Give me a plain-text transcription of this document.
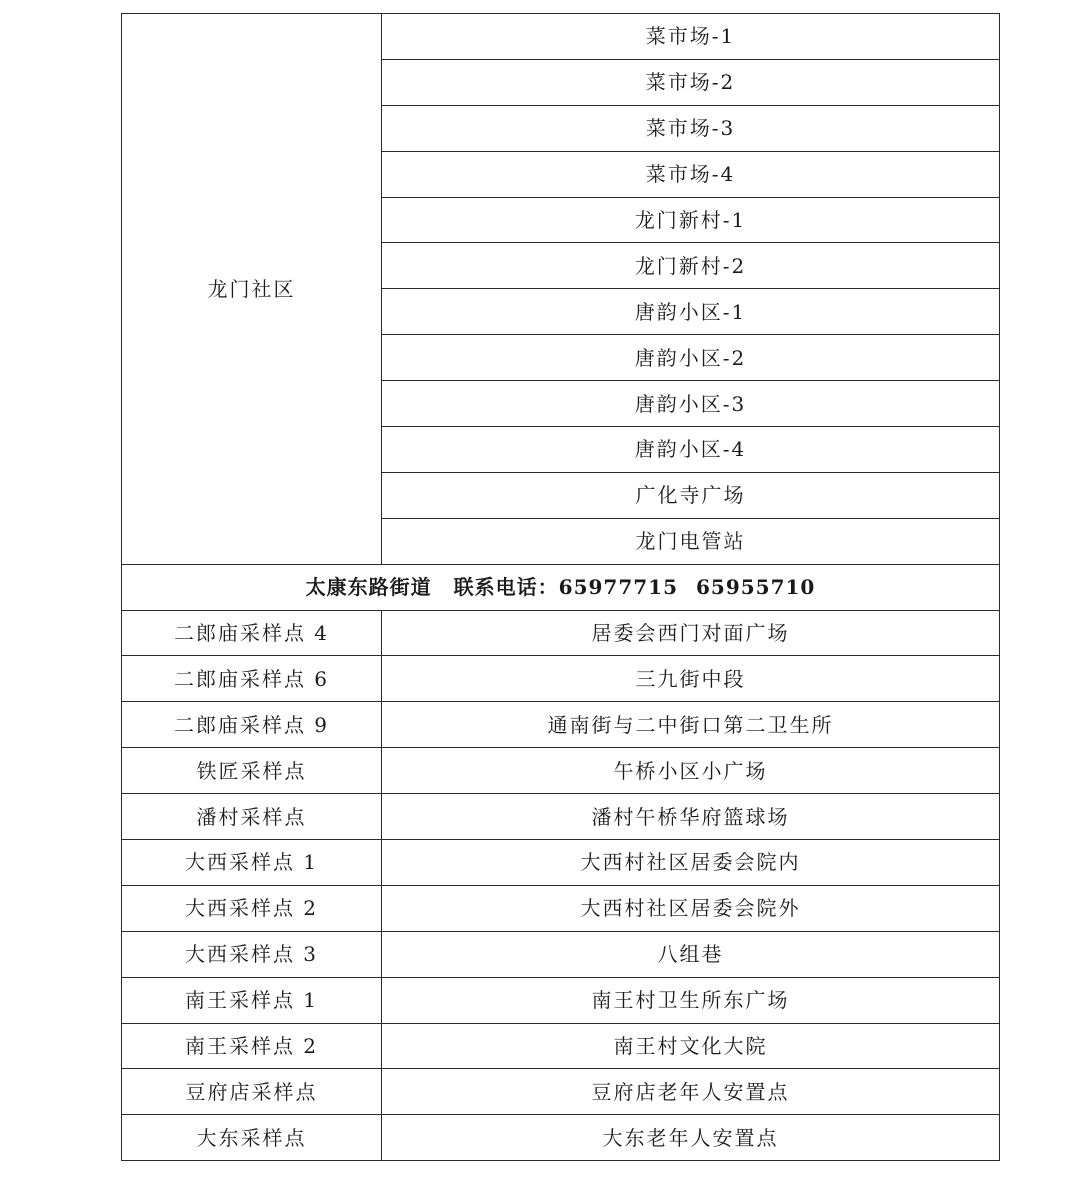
龙门社区	菜市场-1
	菜市场-2
	菜市场-3
	菜市场-4
	龙门新村-1
	龙门新村-2
	唐韵小区-1
	唐韵小区-2
	唐韵小区-3
	唐韵小区-4
	广化寺广场
	龙门电管站
太康东路街道 联系电话：65977715 65955710	
二郎庙采样点 4	居委会西门对面广场
二郎庙采样点 6	三九街中段
二郎庙采样点 9	通南街与二中街口第二卫生所
铁匠采样点	午桥小区小广场
潘村采样点	潘村午桥华府篮球场
大西采样点 1	大西村社区居委会院内
大西采样点 2	大西村社区居委会院外
大西采样点 3	八组巷
南王采样点 1	南王村卫生所东广场
南王采样点 2	南王村文化大院
豆府店采样点	豆府店老年人安置点
大东采样点	大东老年人安置点
